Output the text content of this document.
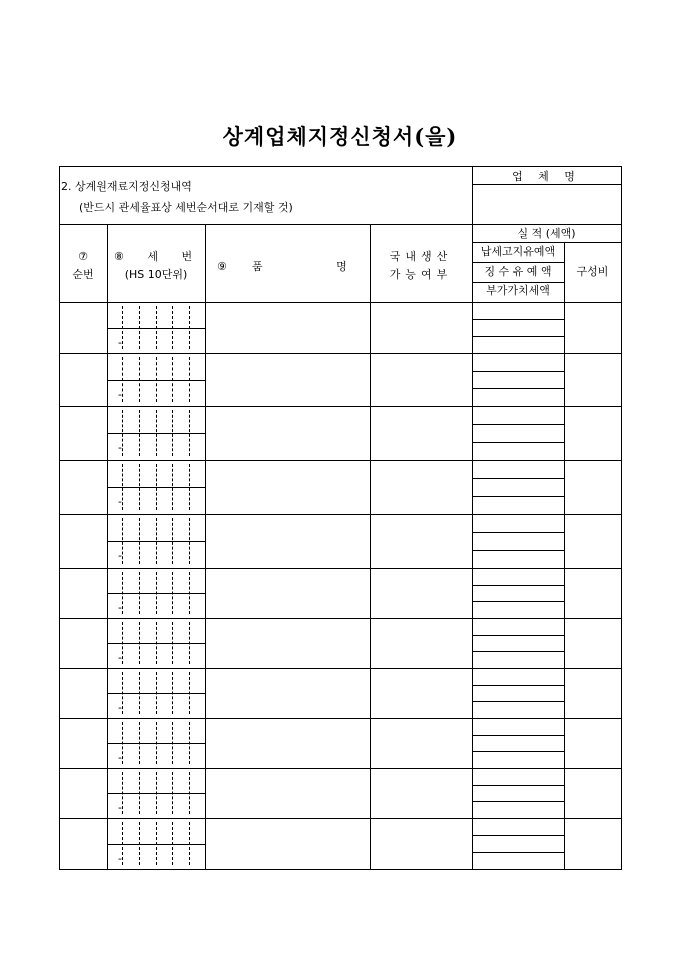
상계업체지정신청서(을)
2. 상계원재료지정신청내역
(반드시 관세율표상 세번순서대로 기재할 것)
업 체 명
⑦
순번
⑧ 세 번
(HS 10단위)
⑨ 품 명
국내생산
가능여부
실 적 (세액)
납세고지유예액
징 수 유 예 액
부가가치세액
구성비
-
-
-
-
-
-
-
-
-
-
-
